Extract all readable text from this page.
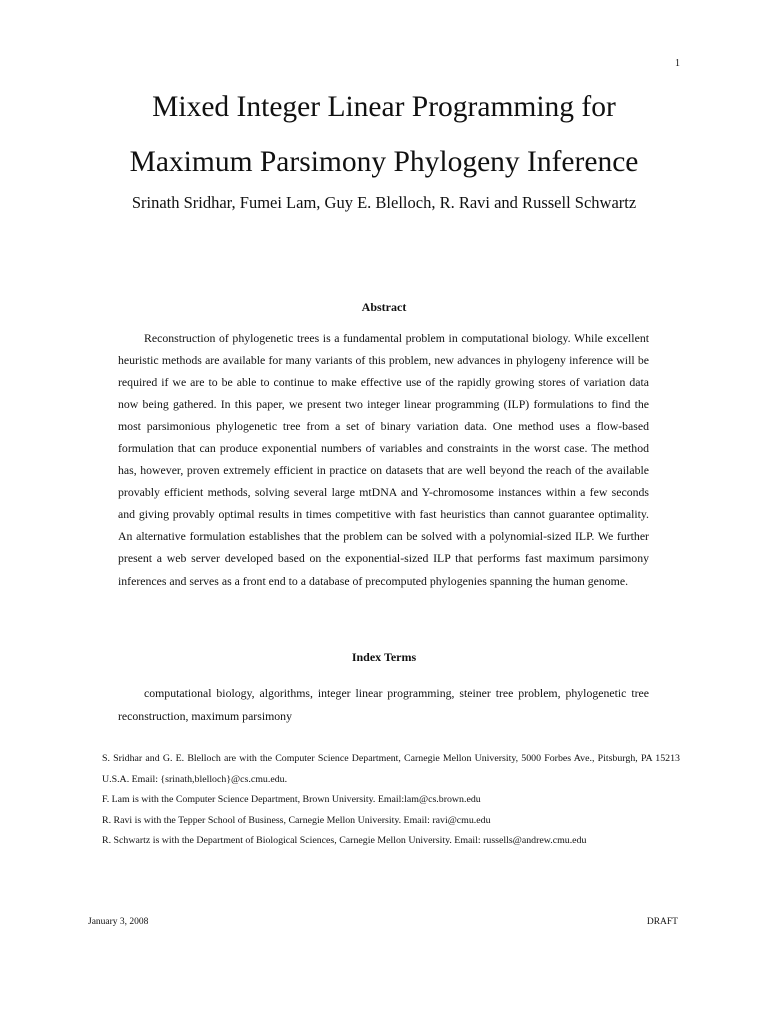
1
Mixed Integer Linear Programming for
Maximum Parsimony Phylogeny Inference
Srinath Sridhar, Fumei Lam, Guy E. Blelloch, R. Ravi and Russell Schwartz
Abstract

Reconstruction of phylogenetic trees is a fundamental problem in computational biology. While excellent heuristic methods are available for many variants of this problem, new advances in phylogeny inference will be required if we are to be able to continue to make effective use of the rapidly growing stores of variation data now being gathered. In this paper, we present two integer linear programming (ILP) formulations to find the most parsimonious phylogenetic tree from a set of binary variation data. One method uses a flow-based formulation that can produce exponential numbers of variables and constraints in the worst case. The method has, however, proven extremely efficient in practice on datasets that are well beyond the reach of the available provably efficient methods, solving several large mtDNA and Y-chromosome instances within a few seconds and giving provably optimal results in times competitive with fast heuristics than cannot guarantee optimality. An alternative formulation establishes that the problem can be solved with a polynomial-sized ILP. We further present a web server developed based on the exponential-sized ILP that performs fast maximum parsimony inferences and serves as a front end to a database of precomputed phylogenies spanning the human genome.

Index Terms

computational biology, algorithms, integer linear programming, steiner tree problem, phylogenetic tree reconstruction, maximum parsimony

S. Sridhar and G. E. Blelloch are with the Computer Science Department, Carnegie Mellon University, 5000 Forbes Ave., Pitsburgh, PA 15213 U.S.A. Email: {srinath,blelloch}@cs.cmu.edu.
F. Lam is with the Computer Science Department, Brown University. Email:lam@cs.brown.edu
R. Ravi is with the Tepper School of Business, Carnegie Mellon University. Email: ravi@cmu.edu
R. Schwartz is with the Department of Biological Sciences, Carnegie Mellon University. Email: russells@andrew.cmu.edu
January 3, 2008	DRAFT
